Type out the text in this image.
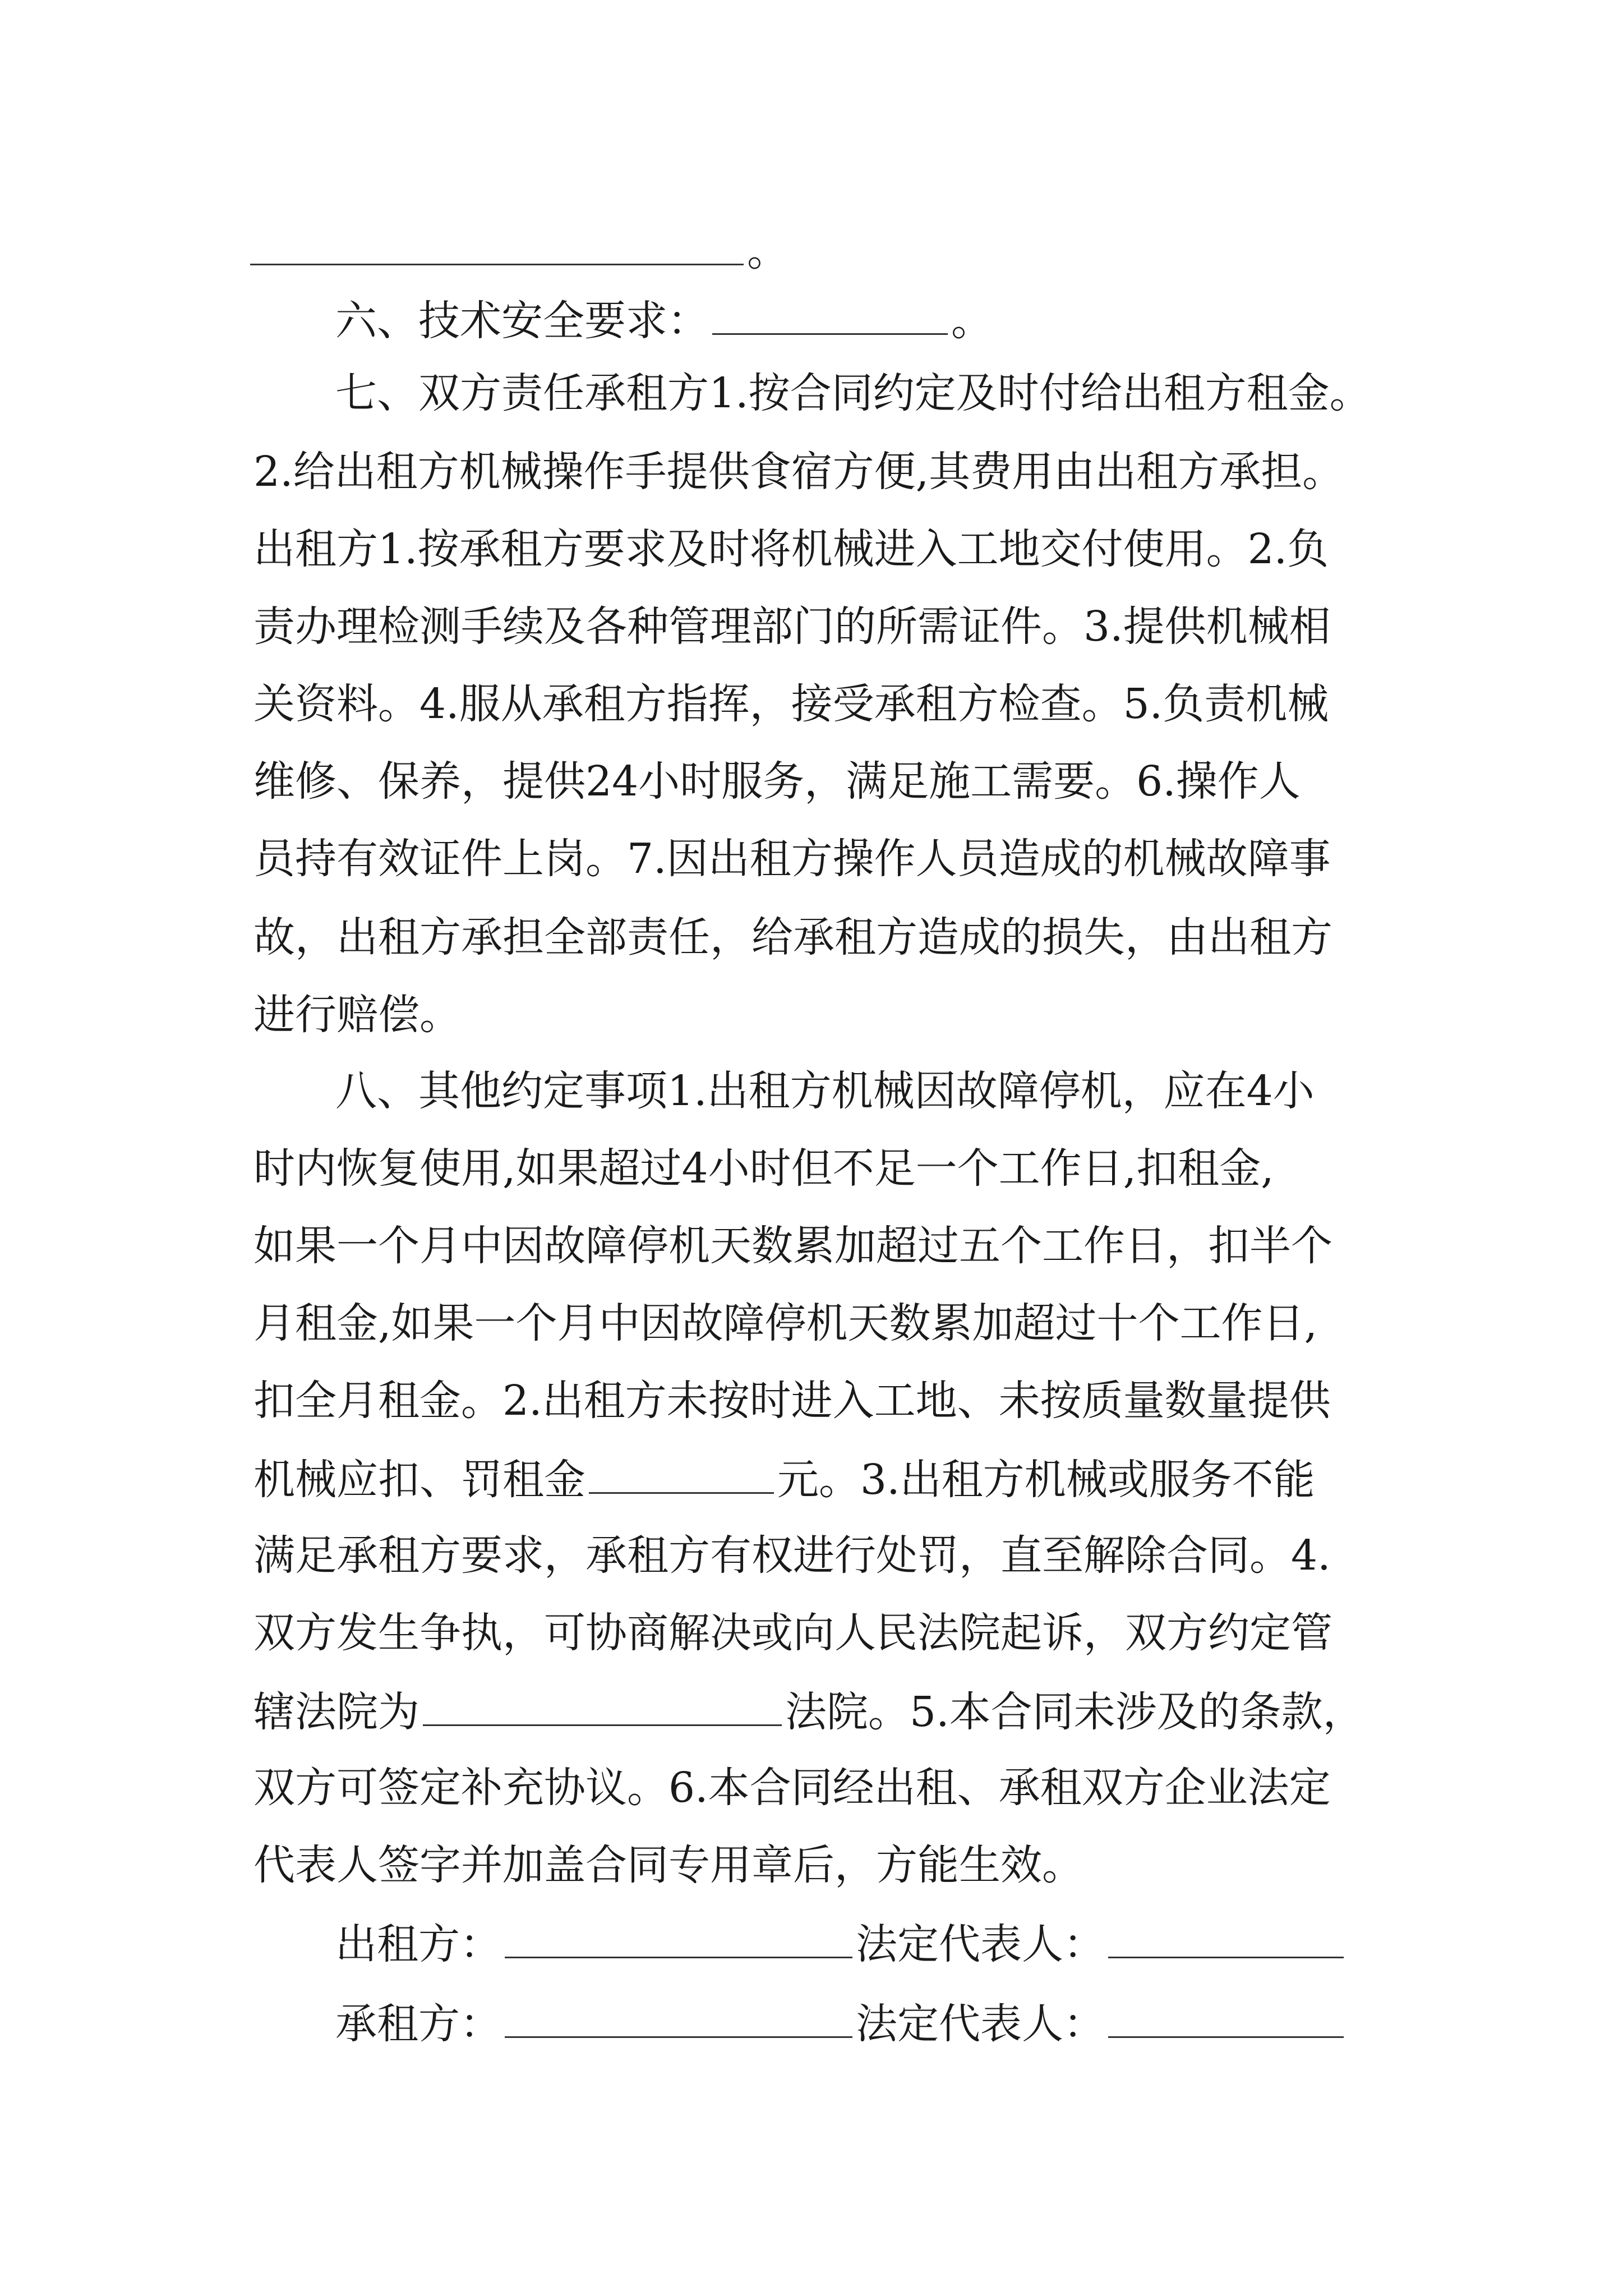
。
六、技术安全要求：	。
七、双方责任承租方1.按合同约定及时付给出租方租金。
2.给出租方机械操作手提供食宿方便,其费用由出租方承担。
出租方1.按承租方要求及时将机械进入工地交付使用。2.负
责办理检测手续及各种管理部门的所需证件。3.提供机械相
关资料。4.服从承租方指挥，接受承租方检查。5.负责机械
维修、保养，提供24小时服务，满足施工需要。6.操作人
员持有效证件上岗。7.因出租方操作人员造成的机械故障事
故，出租方承担全部责任，给承租方造成的损失，由出租方
进行赔偿。
八、其他约定事项1.出租方机械因故障停机，应在4小
时内恢复使用,如果超过4小时但不足一个工作日,扣租金,
如果一个月中因故障停机天数累加超过五个工作日，扣半个
月租金,如果一个月中因故障停机天数累加超过十个工作日,
扣全月租金。2.出租方未按时进入工地、未按质量数量提供
机械应扣、罚租金	元。3.出租方机械或服务不能
满足承租方要求，承租方有权进行处罚，直至解除合同。4.
双方发生争执，可协商解决或向人民法院起诉，双方约定管
辖法院为	法院。5.本合同未涉及的条款，
双方可签定补充协议。6.本合同经出租、承租双方企业法定
代表人签字并加盖合同专用章后，方能生效。
出租方：	法定代表人：
承租方：	法定代表人：
